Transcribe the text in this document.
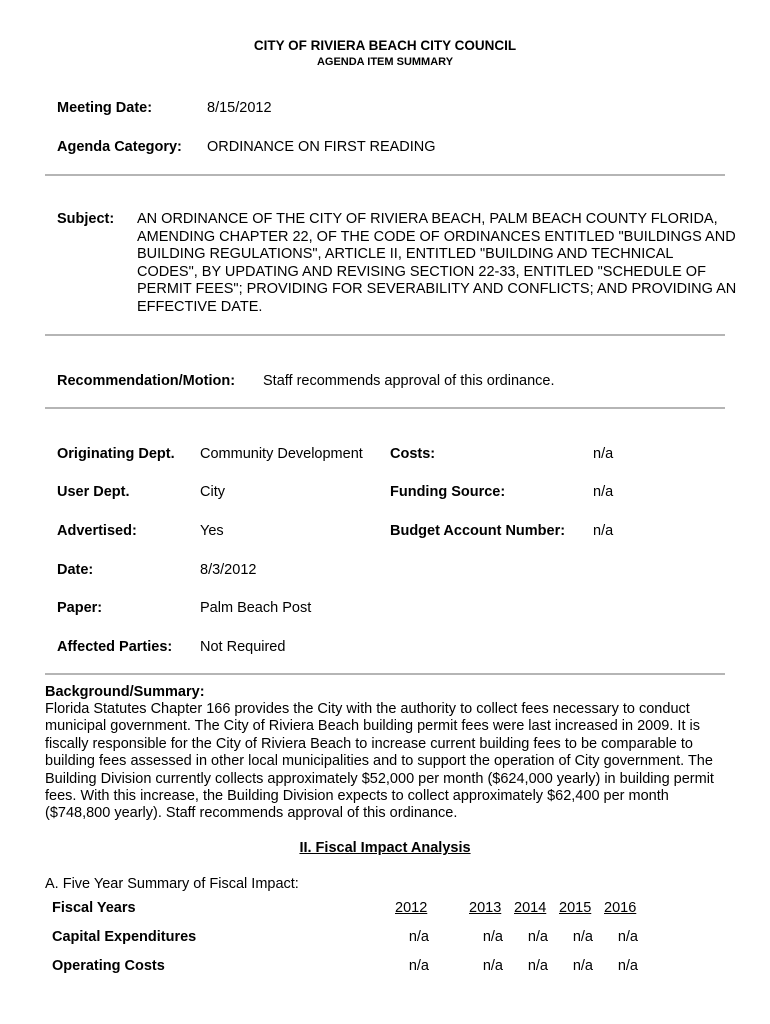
CITY OF RIVIERA BEACH CITY COUNCIL
AGENDA ITEM SUMMARY
Meeting Date:	8/15/2012
Agenda Category: ORDINANCE ON FIRST READING
Subject: AN ORDINANCE OF THE CITY OF RIVIERA BEACH, PALM BEACH COUNTY FLORIDA, AMENDING CHAPTER 22, OF THE CODE OF ORDINANCES ENTITLED "BUILDINGS AND BUILDING REGULATIONS", ARTICLE II, ENTITLED "BUILDING AND TECHNICAL CODES", BY UPDATING AND REVISING SECTION 22-33, ENTITLED "SCHEDULE OF PERMIT FEES"; PROVIDING FOR SEVERABILITY AND CONFLICTS; AND PROVIDING AN EFFECTIVE DATE.
Recommendation/Motion: Staff recommends approval of this ordinance.
Originating Dept. Community Development Costs:	n/a
User Dept.	City	Funding Source:	n/a
Advertised:	Yes	Budget Account Number: n/a
Date:	8/3/2012
Paper:	Palm Beach Post
Affected Parties: Not Required
Background/Summary:
Florida Statutes Chapter 166 provides the City with the authority to collect fees necessary to conduct municipal government. The City of Riviera Beach building permit fees were last increased in 2009. It is fiscally responsible for the City of Riviera Beach to increase current building fees to be comparable to building fees assessed in other local municipalities and to support the operation of City government. The Building Division currently collects approximately $52,000 per month ($624,000 yearly) in building permit fees. With this increase, the Building Division expects to collect approximately $62,400 per month ($748,800 yearly). Staff recommends approval of this ordinance.
II. Fiscal Impact Analysis
A. Five Year Summary of Fiscal Impact:
Fiscal Years	2012	2013 2014 2015 2016
Capital Expenditures	n/a	n/a	n/a	n/a	n/a
Operating Costs	n/a	n/a	n/a	n/a	n/a
